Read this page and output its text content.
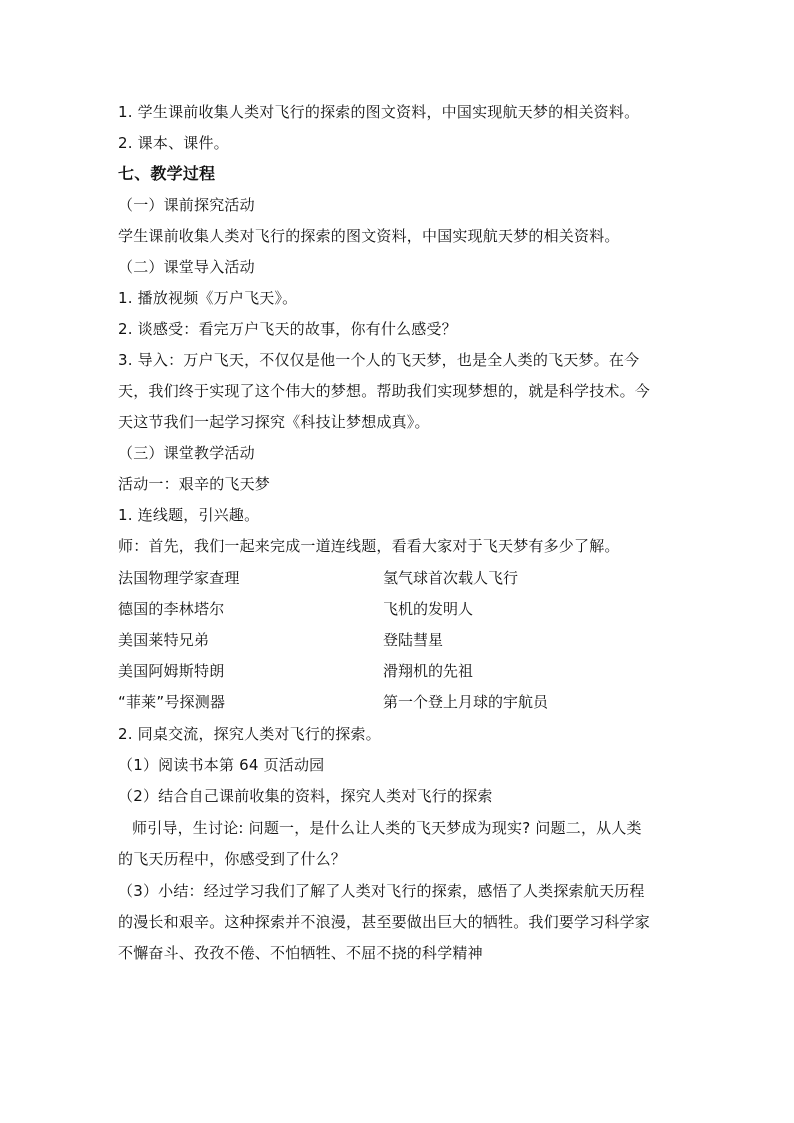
1. 学生课前收集人类对飞行的探索的图文资料，中国实现航天梦的相关资料。
2. 课本、课件。
七、教学过程
（一）课前探究活动
学生课前收集人类对飞行的探索的图文资料，中国实现航天梦的相关资料。
（二）课堂导入活动
1. 播放视频《万户飞天》。
2. 谈感受：看完万户飞天的故事，你有什么感受？
3. 导入：万户飞天，不仅仅是他一个人的飞天梦，也是全人类的飞天梦。在今
天，我们终于实现了这个伟大的梦想。帮助我们实现梦想的，就是科学技术。今
天这节我们一起学习探究《科技让梦想成真》。
（三）课堂教学活动
活动一：艰辛的飞天梦
1. 连线题，引兴趣。
师：首先，我们一起来完成一道连线题，看看大家对于飞天梦有多少了解。
法国物理学家查理	氢气球首次载人飞行
德国的李林塔尔	飞机的发明人
美国莱特兄弟	登陆彗星
美国阿姆斯特朗	滑翔机的先祖
“菲莱”号探测器	第一个登上月球的宇航员
2. 同桌交流，探究人类对飞行的探索。
（1）阅读书本第 64 页活动园
（2）结合自己课前收集的资料，探究人类对飞行的探索
师引导，生讨论: 问题一，是什么让人类的飞天梦成为现实? 问题二，从人类
的飞天历程中，你感受到了什么？
（3）小结：经过学习我们了解了人类对飞行的探索，感悟了人类探索航天历程
的漫长和艰辛。这种探索并不浪漫，甚至要做出巨大的牺牲。我们要学习科学家
不懈奋斗、孜孜不倦、不怕牺牲、不屈不挠的科学精神
